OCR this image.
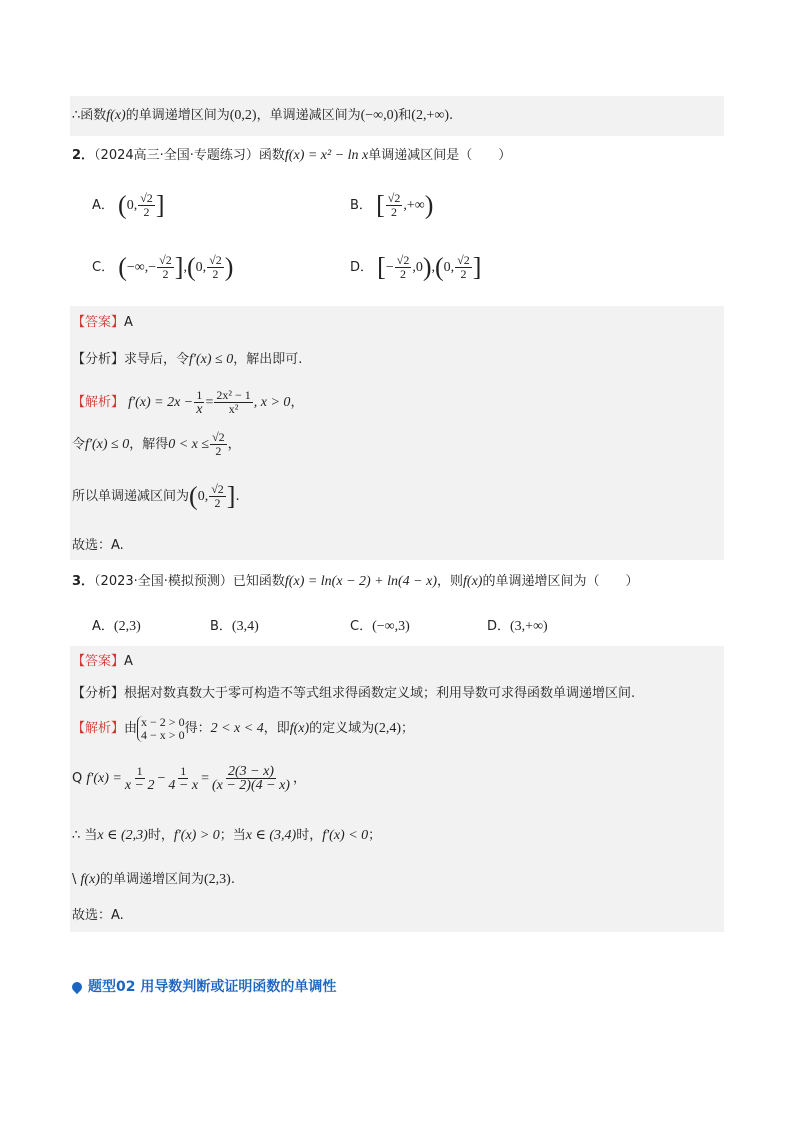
∴函数f(x)的单调递增区间为(0,2)，单调递减区间为(−∞,0)和(2,+∞).
2．（2024高三·全国·专题练习）函数f(x) = x² − ln x单调递减区间是（　　）
A． (0, $\frac{√2}{2}$ ]	B． [ $\frac{√2}{2}$ ,+∞)
C． (−∞,− $\frac{√2}{2} ],(0$, $\frac{√2}{2}$ )	D． [− $\frac{√2}{2} ,0),(0$, $\frac{√2}{2}$ ]
【答案】A
【分析】求导后，令f′(x) ≤ 0，解出即可.
【解析】 $f'(x) = 2x - \frac{1}{x} = \frac{\text{2x² − 1}}{\text{x²}}$ , x > 0，
令f′(x) ≤ 0，解得$0 < x \le \frac{√2}{2}$ ，
所以单调递减区间为(0, $\frac{√2}{2}$ ].
故选：A.
3．（2023·全国·模拟预测）已知函数f(x) = ln(x − 2) + ln(4 − x)，则f(x)的单调递增区间为（　　）
A．(2,3)	B．(3,4)	C．(−∞,3)	D．(3,+∞)
【答案】A
【分析】根据对数真数大于零可构造不等式组求得函数定义域；利用导数可求得函数单调递增区间.
【解析】由 x − 2 > 0
4 − x > 0 得：2 < x < 4，即f(x)的定义域为(2,4)；
Q $f'(x) = \frac{1}{x - 2} - \frac{1}{4 - x} = \frac{2(3 - x)}{(x - 2)(4 - x)}$ ，
∴ 当x ∈ (2,3)时，f′(x) > 0；当x ∈ (3,4)时，f′(x) < 0；
\ f(x)的单调递增区间为(2,3).
故选：A.
题型02 用导数判断或证明函数的单调性
